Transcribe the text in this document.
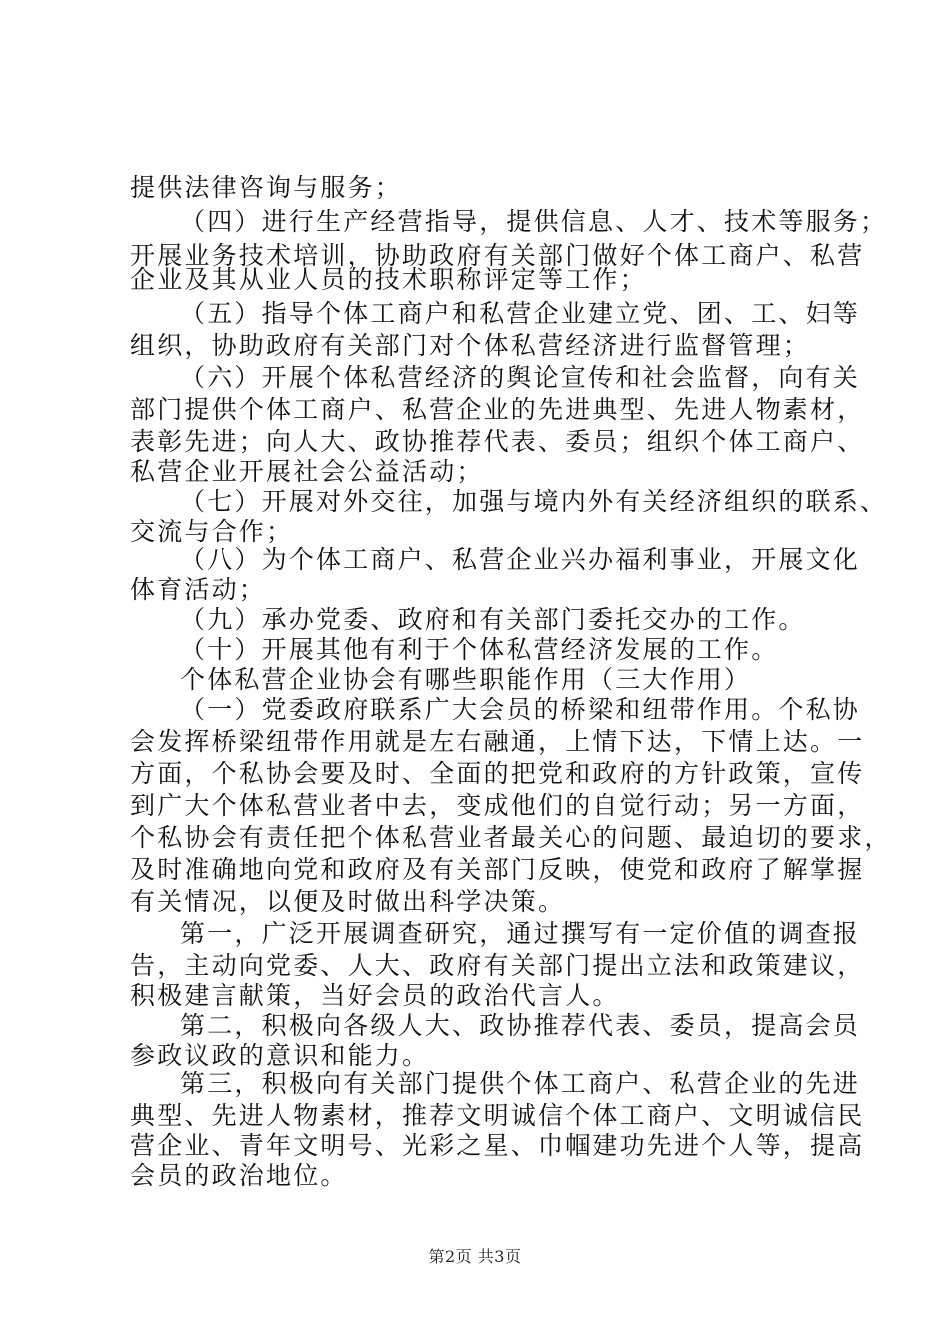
提供法律咨询与服务；
（四）进行生产经营指导，提供信息、人才、技术等服务；
开展业务技术培训，协助政府有关部门做好个体工商户、私营
企业及其从业人员的技术职称评定等工作；
（五）指导个体工商户和私营企业建立党、团、工、妇等
组织，协助政府有关部门对个体私营经济进行监督管理；
（六）开展个体私营经济的舆论宣传和社会监督，向有关
部门提供个体工商户、私营企业的先进典型、先进人物素材，
表彰先进；向人大、政协推荐代表、委员；组织个体工商户、
私营企业开展社会公益活动；
（七）开展对外交往，加强与境内外有关经济组织的联系、
交流与合作；
（八）为个体工商户、私营企业兴办福利事业，开展文化
体育活动；
（九）承办党委、政府和有关部门委托交办的工作。
（十）开展其他有利于个体私营经济发展的工作。
个体私营企业协会有哪些职能作用（三大作用）
（一）党委政府联系广大会员的桥梁和纽带作用。个私协
会发挥桥梁纽带作用就是左右融通，上情下达，下情上达。一
方面，个私协会要及时、全面的把党和政府的方针政策，宣传
到广大个体私营业者中去，变成他们的自觉行动；另一方面，
个私协会有责任把个体私营业者最关心的问题、最迫切的要求，
及时准确地向党和政府及有关部门反映，使党和政府了解掌握
有关情况，以便及时做出科学决策。
第一，广泛开展调查研究，通过撰写有一定价值的调查报
告，主动向党委、人大、政府有关部门提出立法和政策建议，
积极建言献策，当好会员的政治代言人。
第二，积极向各级人大、政协推荐代表、委员，提高会员
参政议政的意识和能力。
第三，积极向有关部门提供个体工商户、私营企业的先进
典型、先进人物素材，推荐文明诚信个体工商户、文明诚信民
营企业、青年文明号、光彩之星、巾帼建功先进个人等，提高
会员的政治地位。
第2页 共3页
